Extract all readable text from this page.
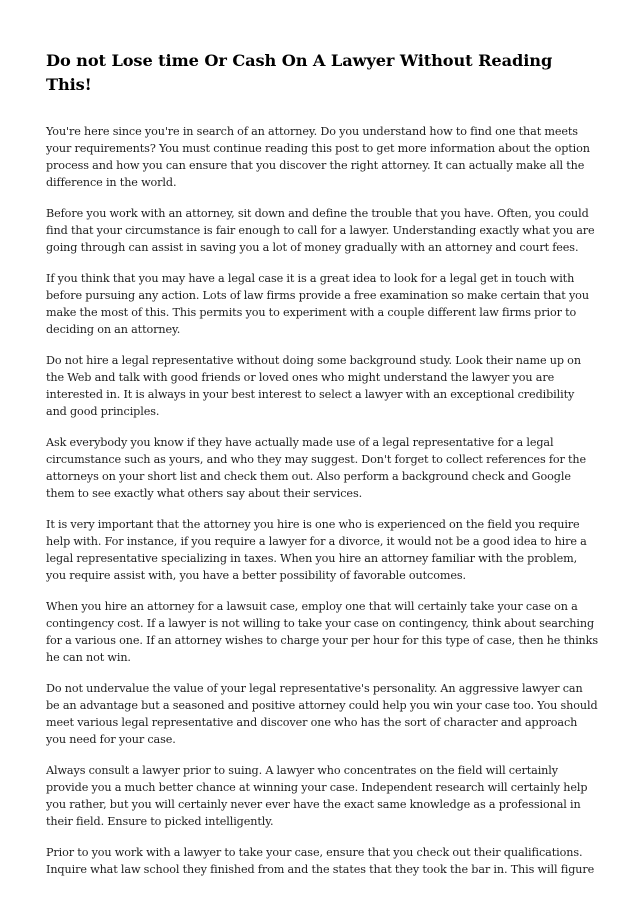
Do not Lose time Or Cash On A Lawyer Without Reading This!

You're here since you're in search of an attorney. Do you understand how to find one that meets your requirements? You must continue reading this post to get more information about the option process and how you can ensure that you discover the right attorney. It can actually make all the difference in the world.

Before you work with an attorney, sit down and define the trouble that you have. Often, you could find that your circumstance is fair enough to call for a lawyer. Understanding exactly what you are going through can assist in saving you a lot of money gradually with an attorney and court fees.

If you think that you may have a legal case it is a great idea to look for a legal get in touch with before pursuing any action. Lots of law firms provide a free examination so make certain that you make the most of this. This permits you to experiment with a couple different law firms prior to deciding on an attorney.

Do not hire a legal representative without doing some background study. Look their name up on the Web and talk with good friends or loved ones who might understand the lawyer you are interested in. It is always in your best interest to select a lawyer with an exceptional credibility and good principles.

Ask everybody you know if they have actually made use of a legal representative for a legal circumstance such as yours, and who they may suggest. Don't forget to collect references for the attorneys on your short list and check them out. Also perform a background check and Google them to see exactly what others say about their services.

It is very important that the attorney you hire is one who is experienced on the field you require help with. For instance, if you require a lawyer for a divorce, it would not be a good idea to hire a legal representative specializing in taxes. When you hire an attorney familiar with the problem, you require assist with, you have a better possibility of favorable outcomes.

When you hire an attorney for a lawsuit case, employ one that will certainly take your case on a contingency cost. If a lawyer is not willing to take your case on contingency, think about searching for a various one. If an attorney wishes to charge your per hour for this type of case, then he thinks he can not win.

Do not undervalue the value of your legal representative's personality. An aggressive lawyer can be an advantage but a seasoned and positive attorney could help you win your case too. You should meet various legal representative and discover one who has the sort of character and approach you need for your case.

Always consult a lawyer prior to suing. A lawyer who concentrates on the field will certainly provide you a much better chance at winning your case. Independent research will certainly help you rather, but you will certainly never ever have the exact same knowledge as a professional in their field. Ensure to picked intelligently.

Prior to you work with a lawyer to take your case, ensure that you check out their qualifications. Inquire what law school they finished from and the states that they took the bar in. This will figure
